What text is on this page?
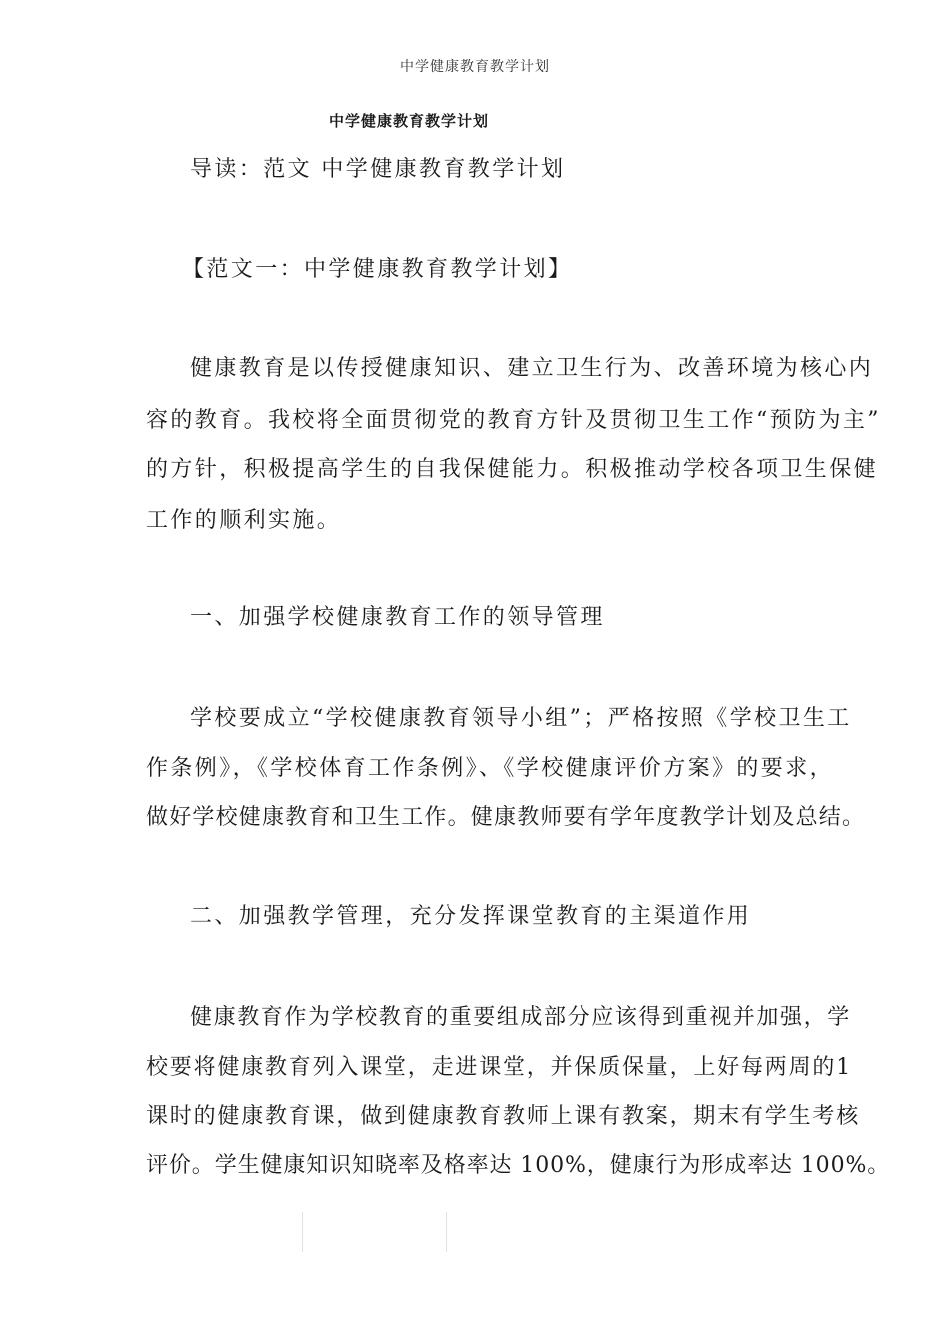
中学健康教育教学计划
中学健康教育教学计划
导读：范文 中学健康教育教学计划
【范文一：中学健康教育教学计划】
健康教育是以传授健康知识、建立卫生行为、改善环境为核心内
容的教育。我校将全面贯彻党的教育方针及贯彻卫生工作“预防为主”
的方针，积极提高学生的自我保健能力。积极推动学校各项卫生保健
工作的顺利实施。
一、加强学校健康教育工作的领导管理
学校要成立“学校健康教育领导小组”；严格按照《学校卫生工
作条例》，《学校体育工作条例》、《学校健康评价方案》的要求，
做好学校健康教育和卫生工作。健康教师要有学年度教学计划及总结。
二、加强教学管理，充分发挥课堂教育的主渠道作用
健康教育作为学校教育的重要组成部分应该得到重视并加强，学
校要将健康教育列入课堂，走进课堂，并保质保量，上好每两周的1
课时的健康教育课，做到健康教育教师上课有教案，期末有学生考核
评价。学生健康知识知晓率及格率达 100%，健康行为形成率达 100%。
